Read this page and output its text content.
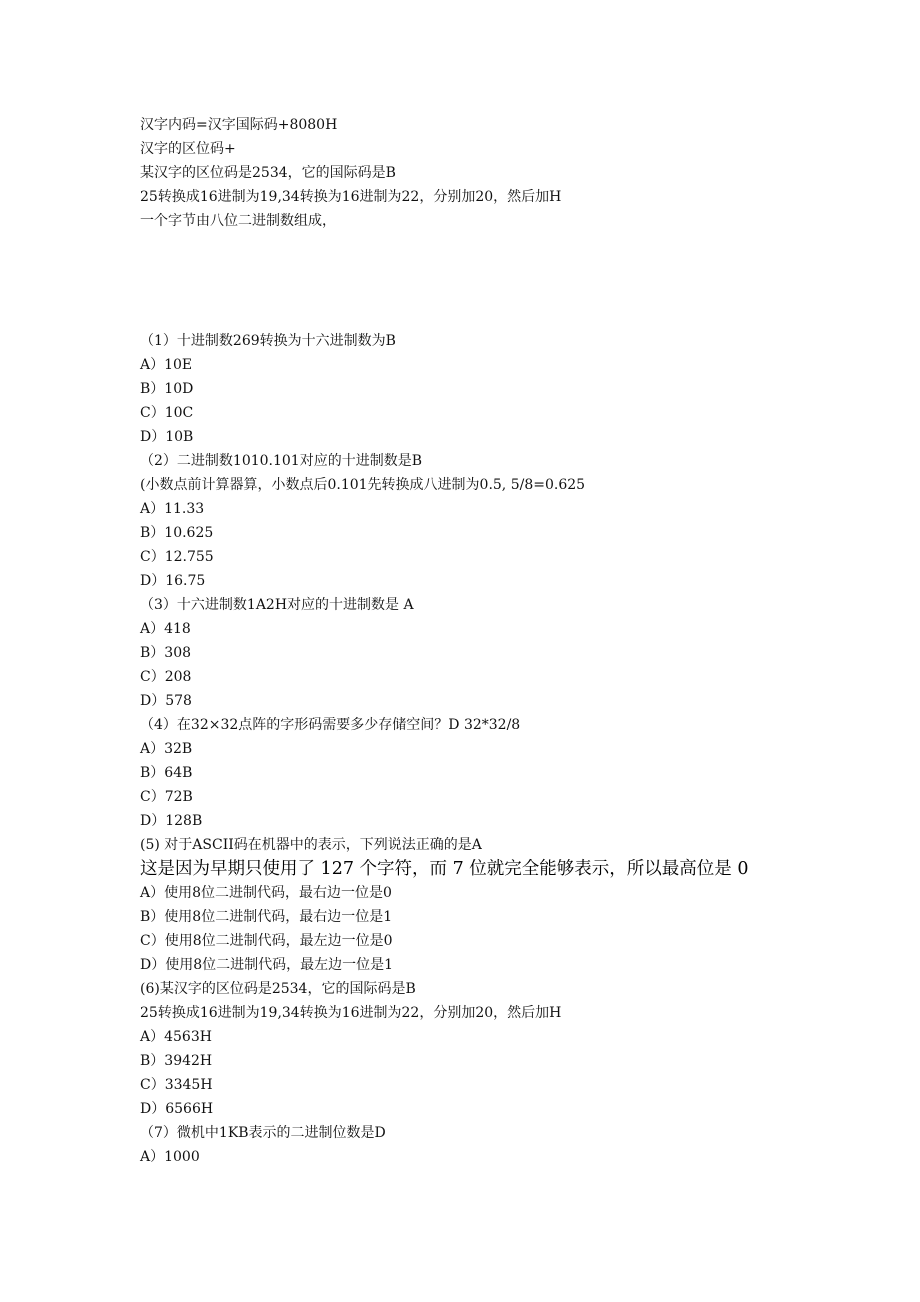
汉字内码=汉字国际码+8080H
汉字的区位码+
某汉字的区位码是2534，它的国际码是B
25转换成16进制为19,34转换为16进制为22，分别加20，然后加H
一个字节由八位二进制数组成，
（1）十进制数269转换为十六进制数为B
A）10E
B）10D
C）10C
D）10B
（2）二进制数1010.101对应的十进制数是B
(小数点前计算器算，小数点后0.101先转换成八进制为0.5, 5/8=0.625
A）11.33
B）10.625
C）12.755
D）16.75
（3）十六进制数1A2H对应的十进制数是 A
A）418
B）308
C）208
D）578
（4）在32×32点阵的字形码需要多少存储空间？D 32*32/8
A）32B
B）64B
C）72B
D）128B
(5) 对于ASCII码在机器中的表示，下列说法正确的是A
这是因为早期只使用了 127 个字符，而 7 位就完全能够表示，所以最高位是 0
A）使用8位二进制代码，最右边一位是0
B）使用8位二进制代码，最右边一位是1
C）使用8位二进制代码，最左边一位是0
D）使用8位二进制代码，最左边一位是1
(6)某汉字的区位码是2534，它的国际码是B
25转换成16进制为19,34转换为16进制为22，分别加20，然后加H
A）4563H
B）3942H
C）3345H
D）6566H
（7）微机中1KB表示的二进制位数是D
A）1000
